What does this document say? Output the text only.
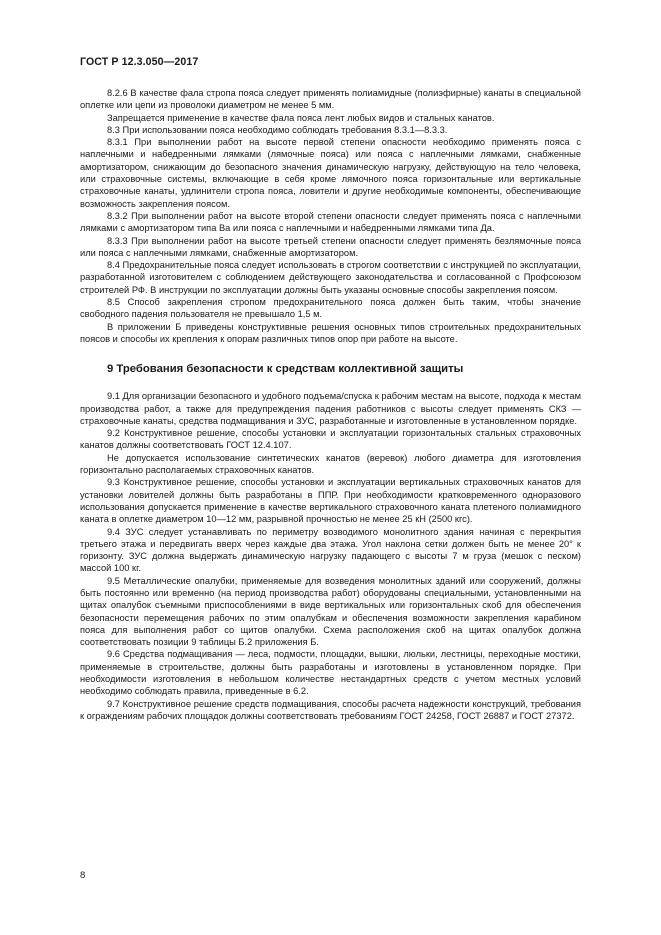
ГОСТ Р 12.3.050—2017

8.2.6 В качестве фала стропа пояса следует применять полиамидные (полиэфирные) канаты в специальной оплетке или цепи из проволоки диаметром не менее 5 мм.

Запрещается применение в качестве фала пояса лент любых видов и стальных канатов.

8.3 При использовании пояса необходимо соблюдать требования 8.3.1—8.3.3.

8.3.1 При выполнении работ на высоте первой степени опасности необходимо применять пояса с наплечными и набедренными лямками (лямочные пояса) или пояса с наплечными лямками, снабженные амортизатором, снижающим до безопасного значения динамическую нагрузку, действующую на тело человека, или страховочные системы, включающие в себя кроме лямочного пояса горизонтальные или вертикальные страховочные канаты, удлинители стропа пояса, ловители и другие необходимые компоненты, обеспечивающие возможность закрепления поясом.

8.3.2 При выполнении работ на высоте второй степени опасности следует применять пояса с наплечными лямками с амортизатором типа Ва или пояса с наплечными и набедренными лямками типа Да.

8.3.3 При выполнении работ на высоте третьей степени опасности следует применять безлямочные пояса или пояса с наплечными лямками, снабженные амортизатором.

8.4 Предохранительные пояса следует использовать в строгом соответствии с инструкцией по эксплуатации, разработанной изготовителем с соблюдением действующего законодательства и согласованной с Профсоюзом строителей РФ. В инструкции по эксплуатации должны быть указаны основные способы закрепления поясом.

8.5 Способ закрепления стропом предохранительного пояса должен быть таким, чтобы значение свободного падения пользователя не превышало 1,5 м.

В приложении Б приведены конструктивные решения основных типов строительных предохранительных поясов и способы их крепления к опорам различных типов опор при работе на высоте.

9 Требования безопасности к средствам коллективной защиты

9.1 Для организации безопасного и удобного подъема/спуска к рабочим местам на высоте, подхода к местам производства работ, а также для предупреждения падения работников с высоты следует применять СКЗ — страховочные канаты, средства подмащивания и ЗУС, разработанные и изготовленные в установленном порядке.

9.2 Конструктивное решение, способы установки и эксплуатации горизонтальных стальных страховочных канатов должны соответствовать ГОСТ 12.4.107.

Не допускается использование синтетических канатов (веревок) любого диаметра для изготовления горизонтально располагаемых страховочных канатов.

9.3 Конструктивное решение, способы установки и эксплуатации вертикальных страховочных канатов для установки ловителей должны быть разработаны в ППР. При необходимости кратковременного одноразового использования допускается применение в качестве вертикального страховочного каната плетеного полиамидного каната в оплетке диаметром 10—12 мм, разрывной прочностью не менее 25 кН (2500 кгс).

9.4 ЗУС следует устанавливать по периметру возводимого монолитного здания начиная с перекрытия третьего этажа и передвигать вверх через каждые два этажа. Угол наклона сетки должен быть не менее 20° к горизонту. ЗУС должна выдержать динамическую нагрузку падающего с высоты 7 м груза (мешок с песком) массой 100 кг.

9.5 Металлические опалубки, применяемые для возведения монолитных зданий или сооружений, должны быть постоянно или временно (на период производства работ) оборудованы специальными, установленными на щитах опалубок съемными приспособлениями в виде вертикальных или горизонтальных скоб для обеспечения безопасности перемещения рабочих по этим опалубкам и обеспечения возможности закрепления карабином пояса для выполнения работ со щитов опалубки. Схема расположения скоб на щитах опалубок должна соответствовать позиции 9 таблицы Б.2 приложения Б.

9.6 Средства подмащивания — леса, подмости, площадки, вышки, люльки, лестницы, переходные мостики, применяемые в строительстве, должны быть разработаны и изготовлены в установленном порядке. При необходимости изготовления в небольшом количестве нестандартных средств с учетом местных условий необходимо соблюдать правила, приведенные в 6.2.

9.7 Конструктивное решение средств подмащивания, способы расчета надежности конструкций, требования к ограждениям рабочих площадок должны соответствовать требованиям ГОСТ 24258, ГОСТ 26887 и ГОСТ 27372.

8
